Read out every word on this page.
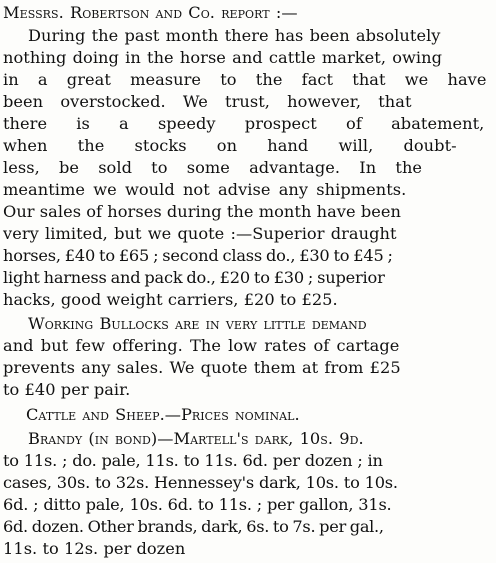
Messrs. Robertson and Co. report :—
During the past month there has been absolutely
nothing doing in the horse and cattle market, owing
in a great measure to the fact that we have
been overstocked. We trust, however, that
there is a speedy prospect of abatement,
when the stocks on hand will, doubt-
less, be sold to some advantage. In the
meantime we would not advise any shipments.
Our sales of horses during the month have been
very limited, but we quote :—Superior draught
horses, £40 to £65 ; second class do., £30 to £45 ;
light harness and pack do., £20 to £30 ; superior
hacks, good weight carriers, £20 to £25.
Working Bullocks are in very little demand
and but few offering. The low rates of cartage
prevents any sales. We quote them at from £25
to £40 per pair.
Cattle and Sheep.—Prices nominal.
Brandy (in bond)—Martell's dark, 10s. 9d.
to 11s. ; do. pale, 11s. to 11s. 6d. per dozen ; in
cases, 30s. to 32s. Hennessey's dark, 10s. to 10s.
6d. ; ditto pale, 10s. 6d. to 11s. ; per gallon, 31s.
6d. dozen. Other brands, dark, 6s. to 7s. per gal.,
11s. to 12s. per dozen
